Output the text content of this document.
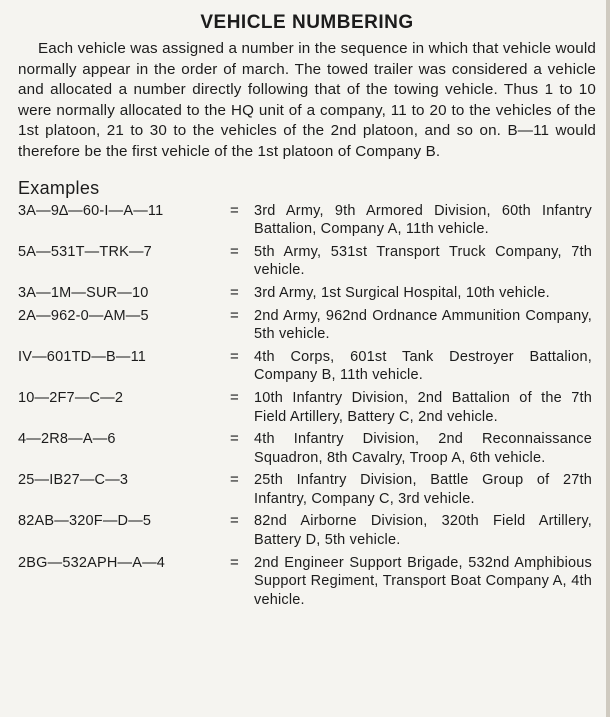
VEHICLE NUMBERING

Each vehicle was assigned a number in the sequence in which that vehicle would normally appear in the order of march. The towed trailer was considered a vehicle and allocated a number directly following that of the towing vehicle. Thus 1 to 10 were normally allocated to the HQ unit of a company, 11 to 20 to the vehicles of the 1st platoon, 21 to 30 to the vehicles of the 2nd platoon, and so on. B—11 would therefore be the first vehicle of the 1st platoon of Company B.

Examples
3A—9∆—60-I—A—11	=	3rd Army, 9th Armored Division, 60th Infantry Battalion, Company A, 11th vehicle.
5A—531T—TRK—7	=	5th Army, 531st Transport Truck Company, 7th vehicle.
3A—1M—SUR—10	=	3rd Army, 1st Surgical Hospital, 10th vehicle.
2A—962-0—AM—5	=	2nd Army, 962nd Ordnance Ammunition Company, 5th vehicle.
IV—601TD—B—11	=	4th Corps, 601st Tank Destroyer Battalion, Company B, 11th vehicle.
10—2F7—C—2	=	10th Infantry Division, 2nd Battalion of the 7th Field Artillery, Battery C, 2nd vehicle.
4—2R8—A—6	=	4th Infantry Division, 2nd Reconnaissance Squadron, 8th Cavalry, Troop A, 6th vehicle.
25—IB27—C—3	=	25th Infantry Division, Battle Group of 27th Infantry, Company C, 3rd vehicle.
82AB—320F—D—5	=	82nd Airborne Division, 320th Field Artillery, Battery D, 5th vehicle.
2BG—532APH—A—4	=	2nd Engineer Support Brigade, 532nd Amphibious Support Regiment, Transport Boat Company A, 4th vehicle.
